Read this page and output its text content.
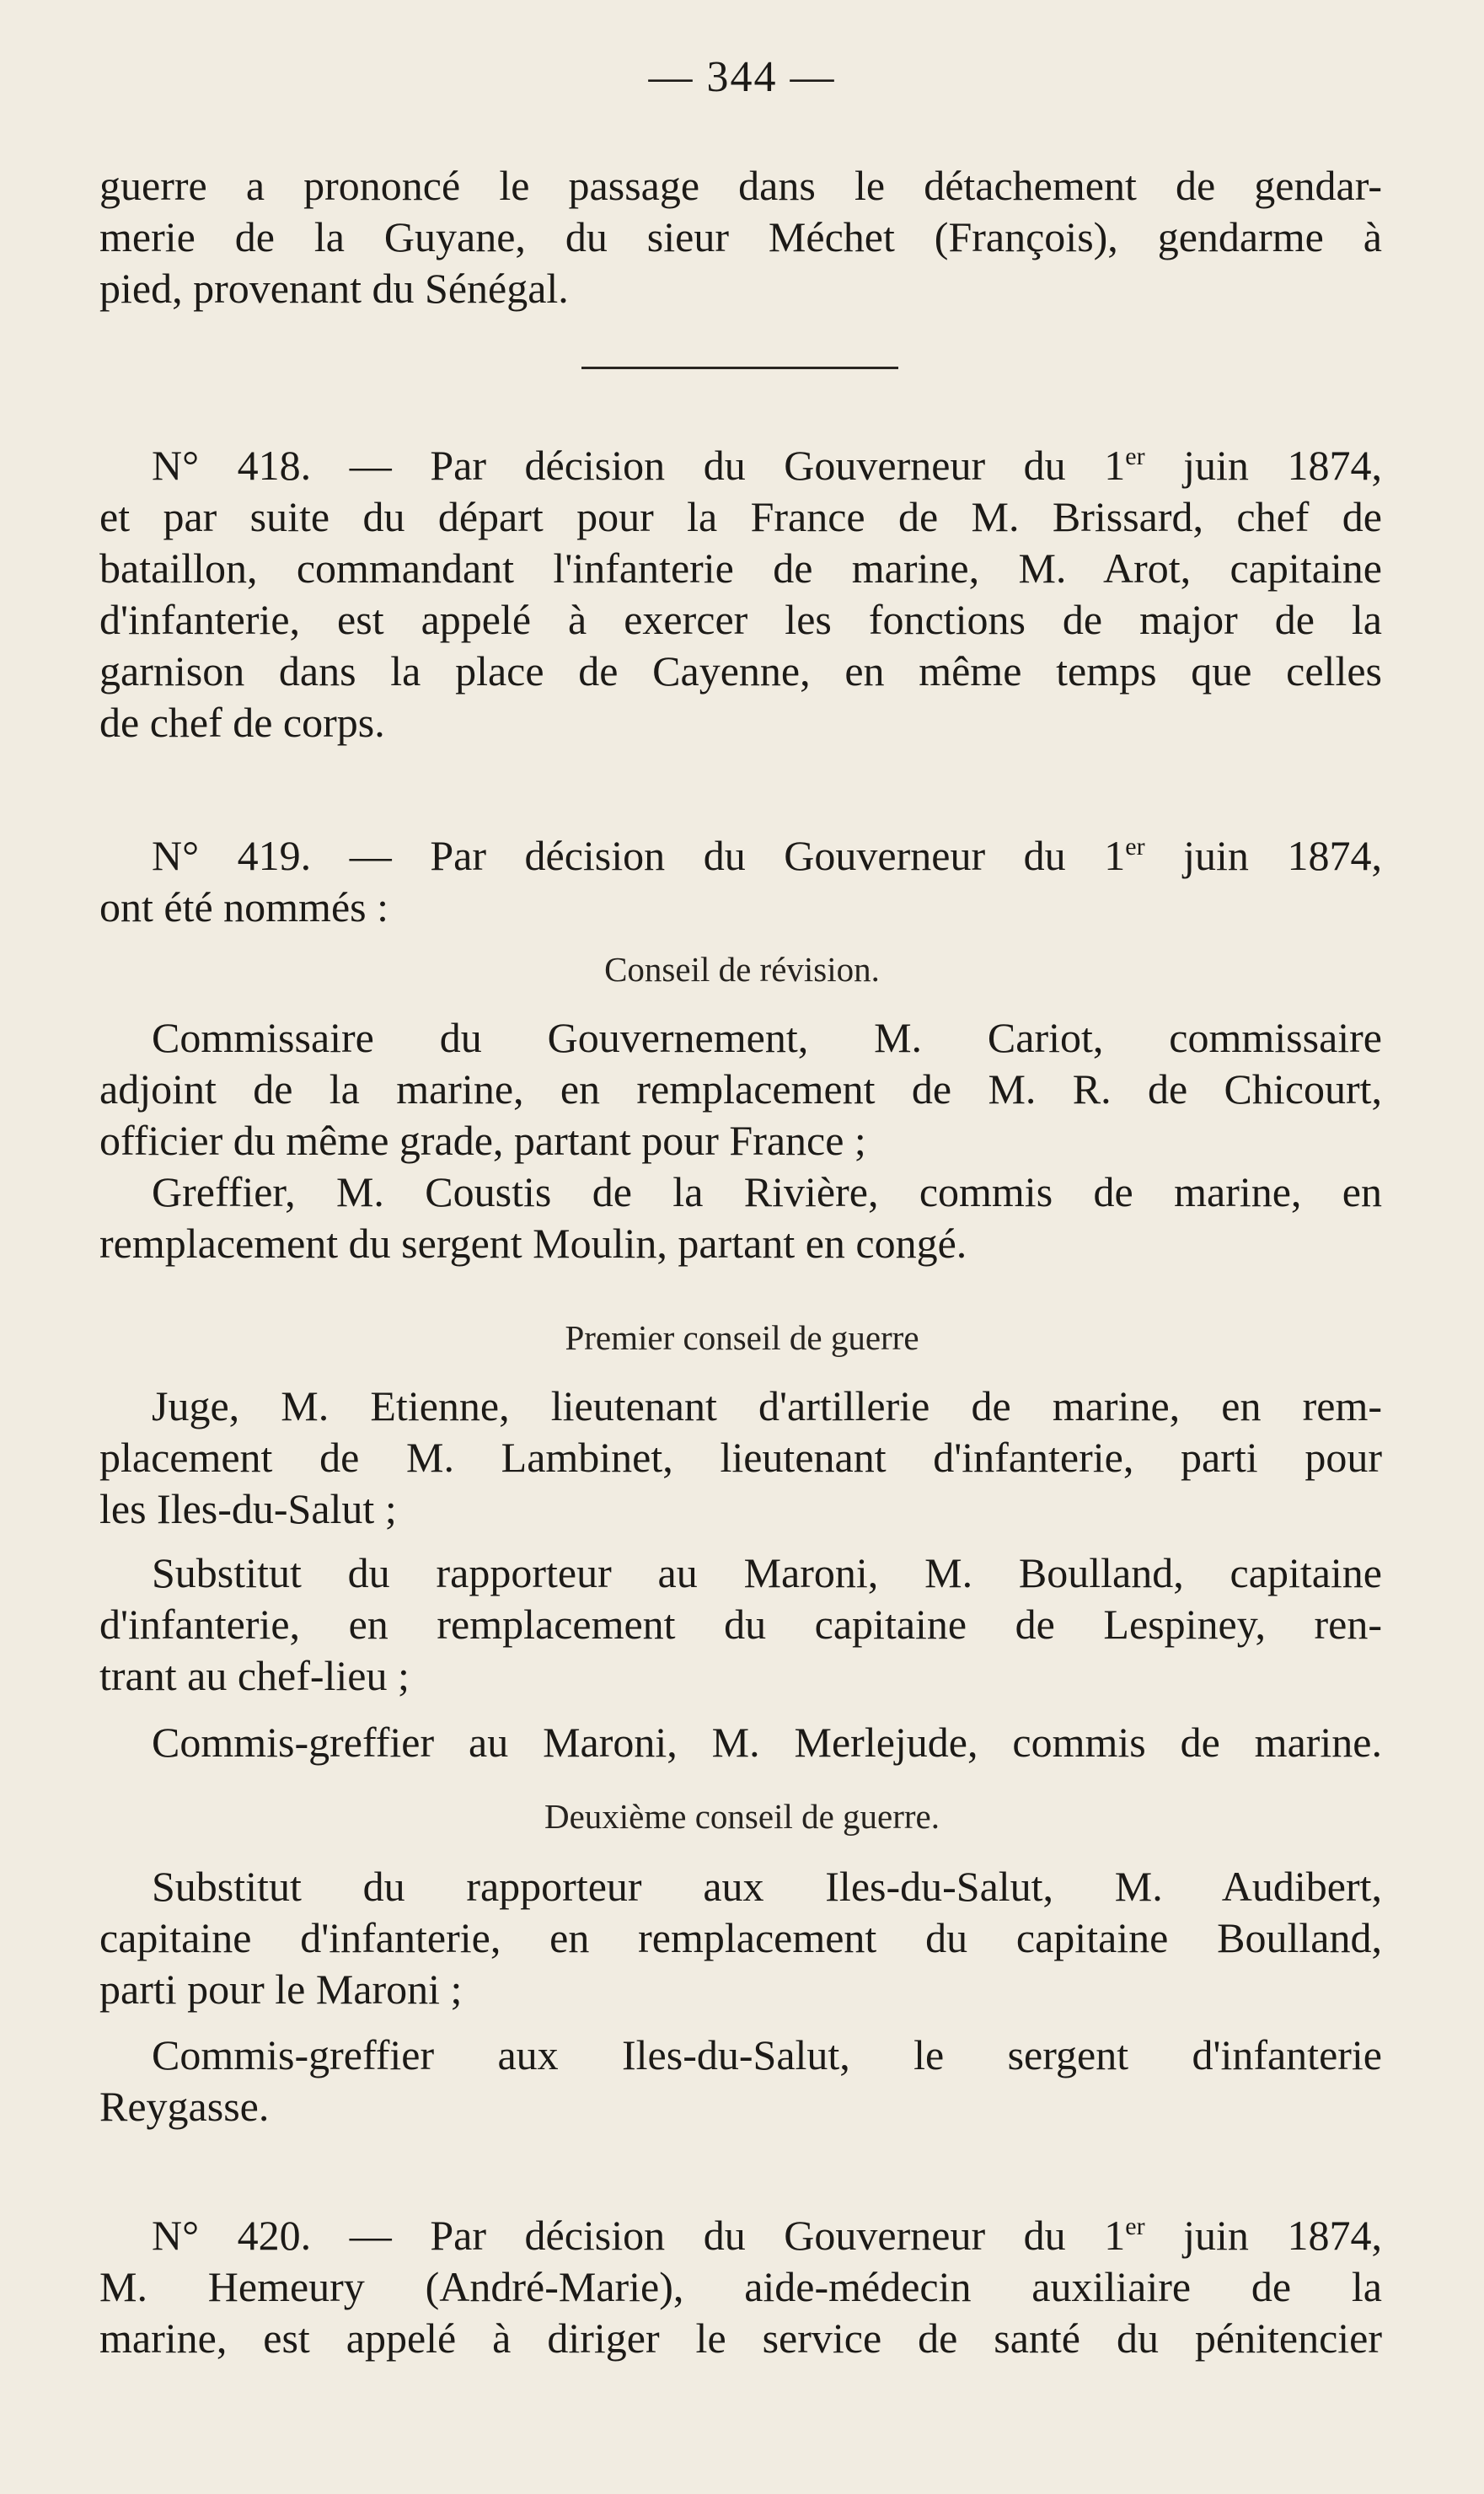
— 344 —
guerre a prononcé le passage dans le détachement de gendar-
merie de la Guyane, du sieur Méchet (François), gendarme à
pied, provenant du Sénégal.
N° 418. — Par décision du Gouverneur du 1er juin 1874,
et par suite du départ pour la France de M. Brissard, chef de
bataillon, commandant l'infanterie de marine, M. Arot, capitaine
d'infanterie, est appelé à exercer les fonctions de major de la
garnison dans la place de Cayenne, en même temps que celles
de chef de corps.
N° 419. — Par décision du Gouverneur du 1er juin 1874,
ont été nommés :
Conseil de révision.
Commissaire du Gouvernement, M. Cariot, commissaire
adjoint de la marine, en remplacement de M. R. de Chicourt,
officier du même grade, partant pour France ;
Greffier, M. Coustis de la Rivière, commis de marine, en
remplacement du sergent Moulin, partant en congé.
Premier conseil de guerre
Juge, M. Etienne, lieutenant d'artillerie de marine, en rem-
placement de M. Lambinet, lieutenant d'infanterie, parti pour
les Iles-du-Salut ;
Substitut du rapporteur au Maroni, M. Boulland, capitaine
d'infanterie, en remplacement du capitaine de Lespiney, ren-
trant au chef-lieu ;
Commis-greffier au Maroni, M. Merlejude, commis de marine.
Deuxième conseil de guerre.
Substitut du rapporteur aux Iles-du-Salut, M. Audibert,
capitaine d'infanterie, en remplacement du capitaine Boulland,
parti pour le Maroni ;
Commis-greffier aux Iles-du-Salut, le sergent d'infanterie
Reygasse.
N° 420. — Par décision du Gouverneur du 1er juin 1874,
M. Hemeury (André-Marie), aide-médecin auxiliaire de la
marine, est appelé à diriger le service de santé du pénitencier
